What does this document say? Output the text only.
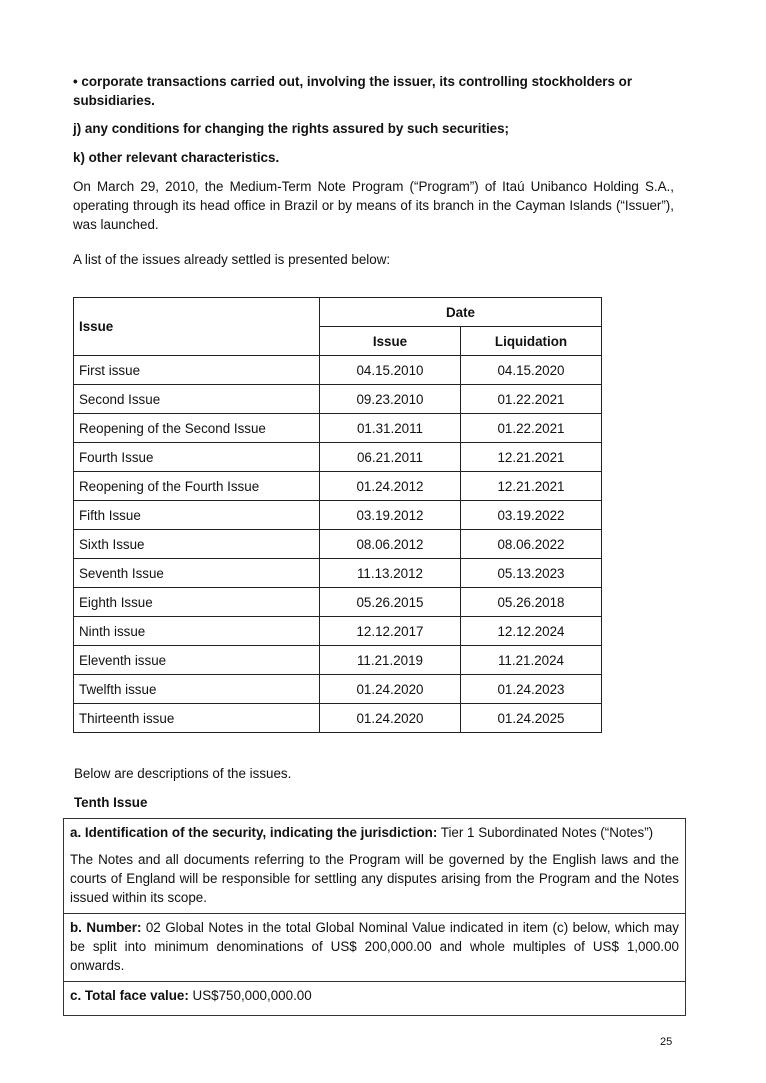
• corporate transactions carried out, involving the issuer, its controlling stockholders or subsidiaries.
j) any conditions for changing the rights assured by such securities;
k) other relevant characteristics.
On March 29, 2010, the Medium-Term Note Program (“Program”) of Itaú Unibanco Holding S.A., operating through its head office in Brazil or by means of its branch in the Cayman Islands (“Issuer”), was launched.
A list of the issues already settled is presented below:
Issue	Date	
	Issue	Liquidation
First issue	04.15.2010	04.15.2020
Second Issue	09.23.2010	01.22.2021
Reopening of the Second Issue	01.31.2011	01.22.2021
Fourth Issue	06.21.2011	12.21.2021
Reopening of the Fourth Issue	01.24.2012	12.21.2021
Fifth Issue	03.19.2012	03.19.2022
Sixth Issue	08.06.2012	08.06.2022
Seventh Issue	11.13.2012	05.13.2023
Eighth Issue	05.26.2015	05.26.2018
Ninth issue	12.12.2017	12.12.2024
Eleventh issue	11.21.2019	11.21.2024
Twelfth issue	01.24.2020	01.24.2023
Thirteenth issue	01.24.2020	01.24.2025
Below are descriptions of the issues.
Tenth Issue

a. Identification of the security, indicating the jurisdiction: Tier 1 Subordinated Notes (“Notes”)

The Notes and all documents referring to the Program will be governed by the English laws and the courts of England will be responsible for settling any disputes arising from the Program and the Notes issued within its scope.

b. Number: 02 Global Notes in the total Global Nominal Value indicated in item (c) below, which may be split into minimum denominations of US$ 200,000.00 and whole multiples of US$ 1,000.00 onwards.

c. Total face value: US$750,000,000.00

25
